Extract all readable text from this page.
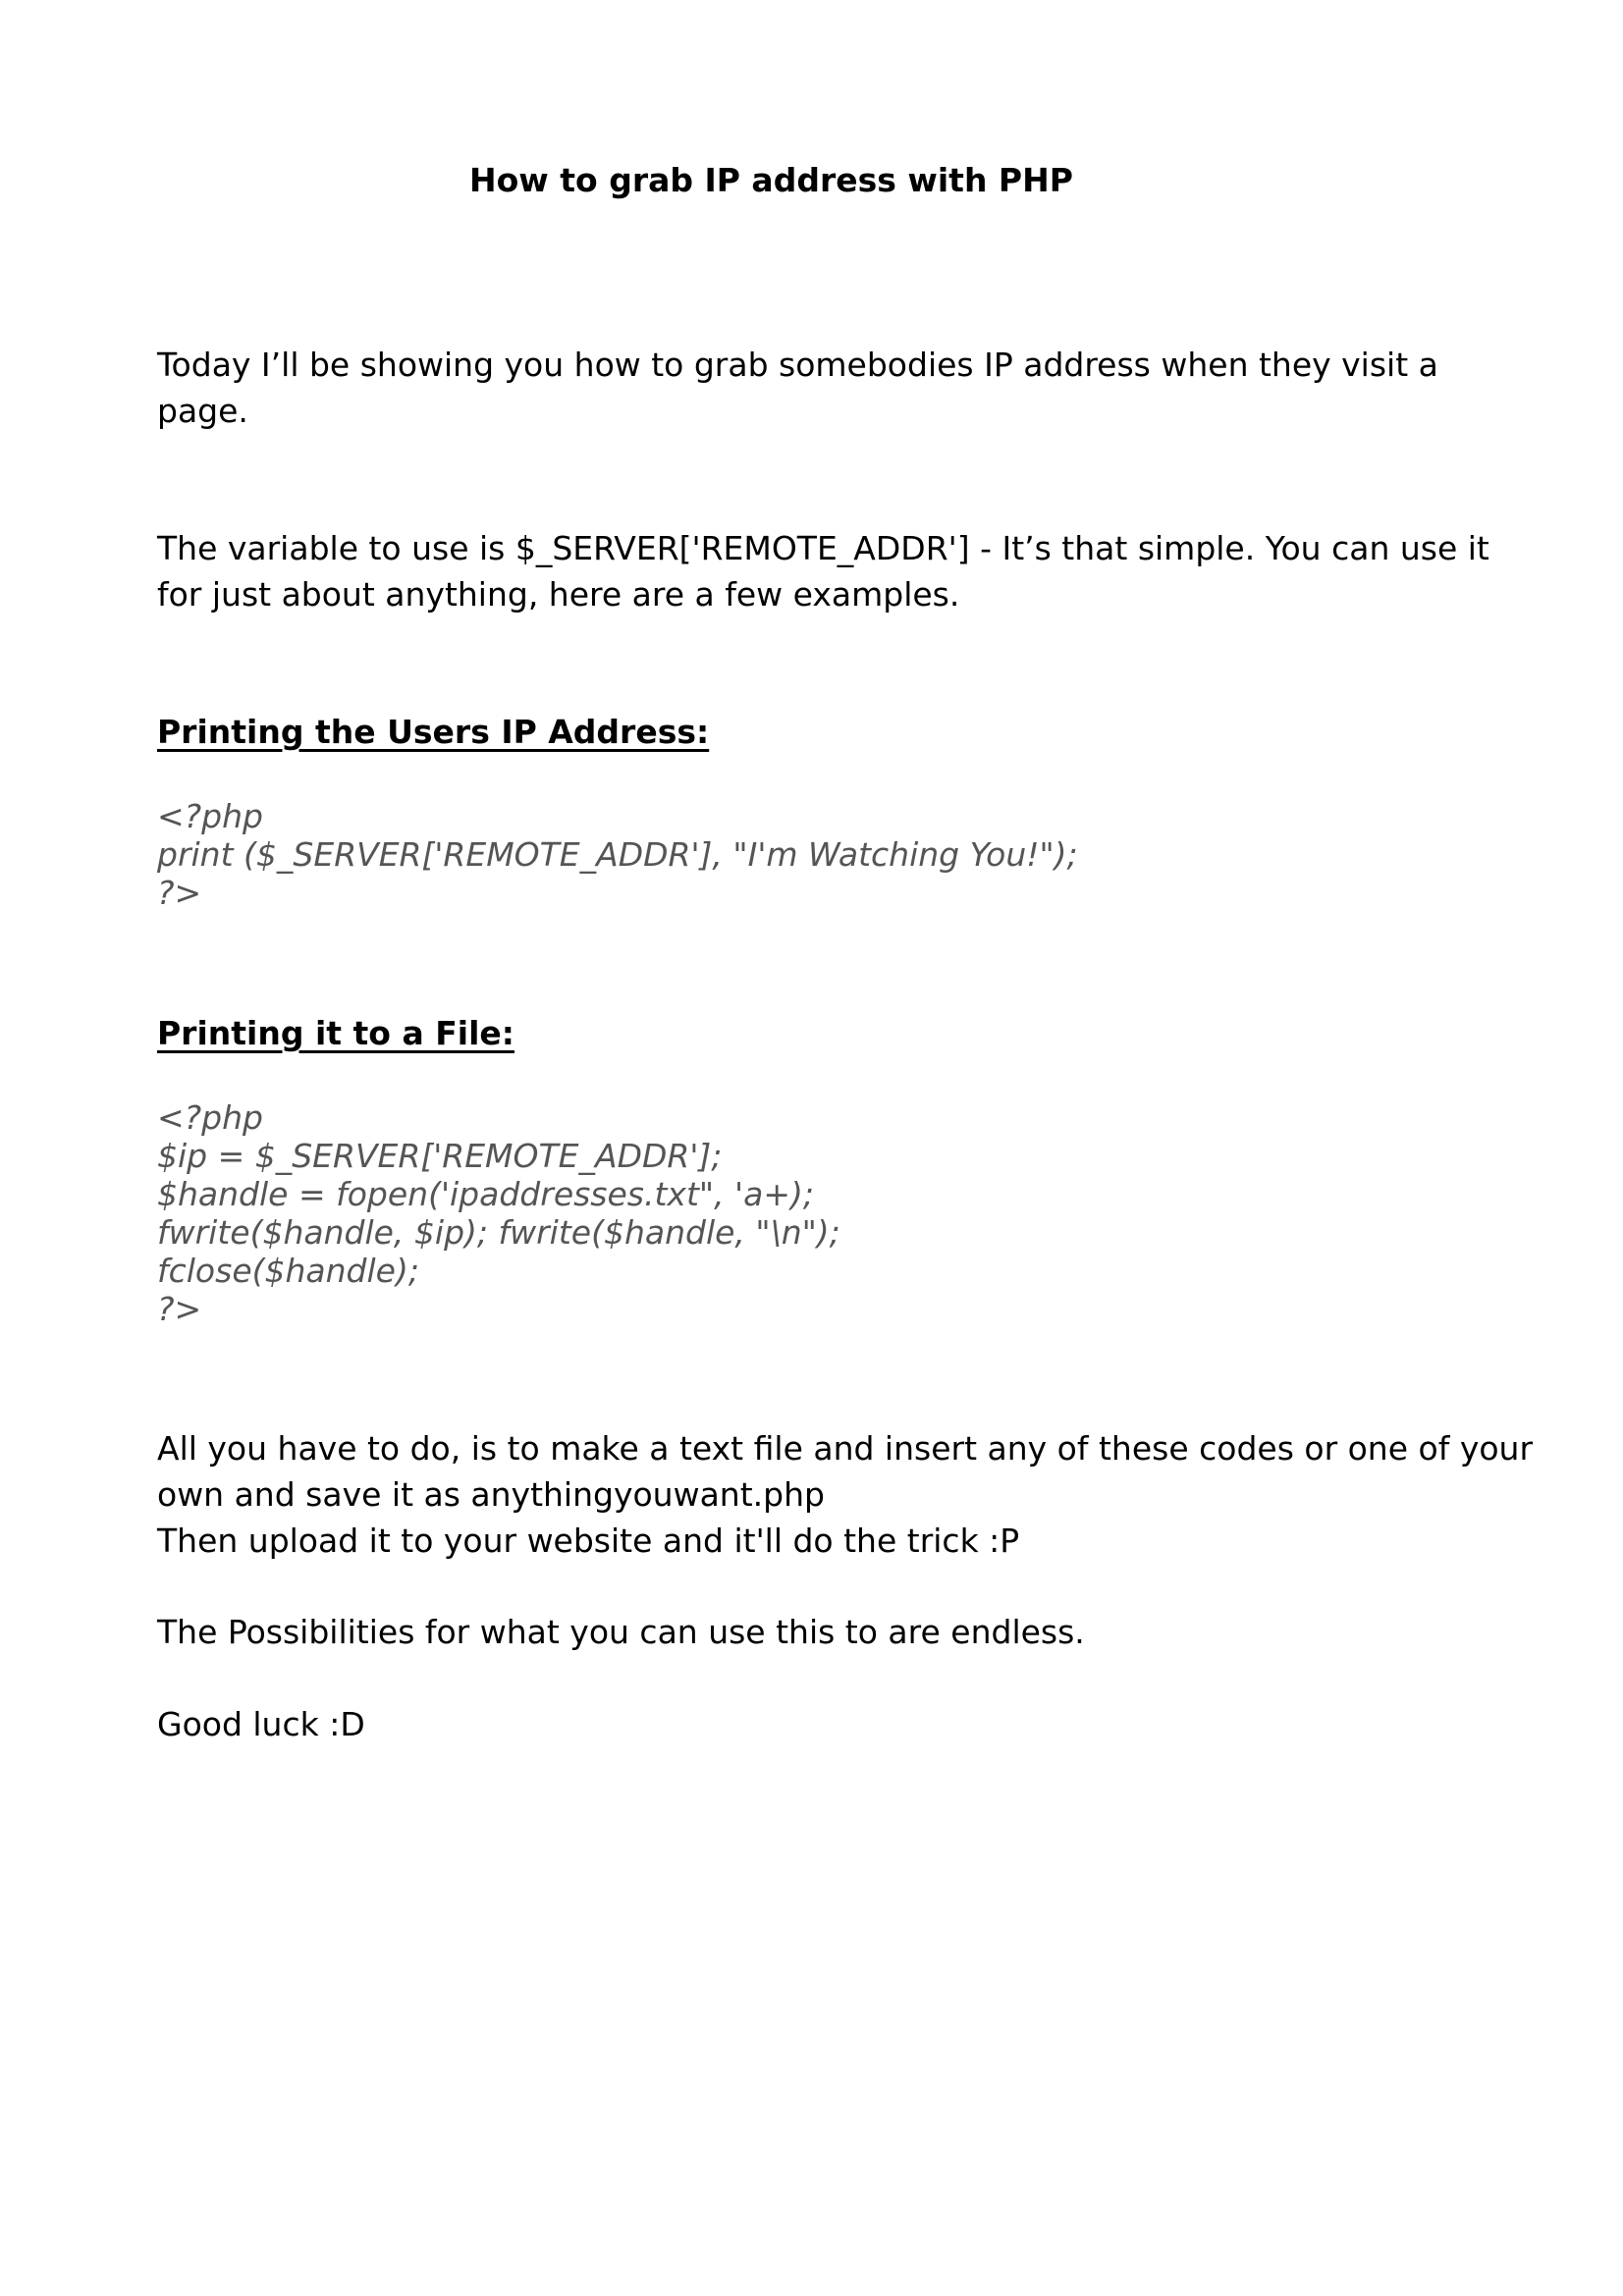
How to grab IP address with PHP

Today I’ll be showing you how to grab somebodies IP address when they visit a page.

The variable to use is $_SERVER['REMOTE_ADDR'] - It’s that simple. You can use it
for just about anything, here are a few examples.

Printing the Users IP Address:
<?php
print ($_SERVER['REMOTE_ADDR'], "I'm Watching You!");
?>
Printing it to a File:
<?php
$ip = $_SERVER['REMOTE_ADDR'];
$handle = fopen('ipaddresses.txt", 'a+);
fwrite($handle, $ip); fwrite($handle, "\n");
fclose($handle);
?>

All you have to do, is to make a text file and insert any of these codes or one of your
own and save it as anythingyouwant.php
Then upload it to your website and it'll do the trick :P

The Possibilities for what you can use this to are endless.

Good luck :D
